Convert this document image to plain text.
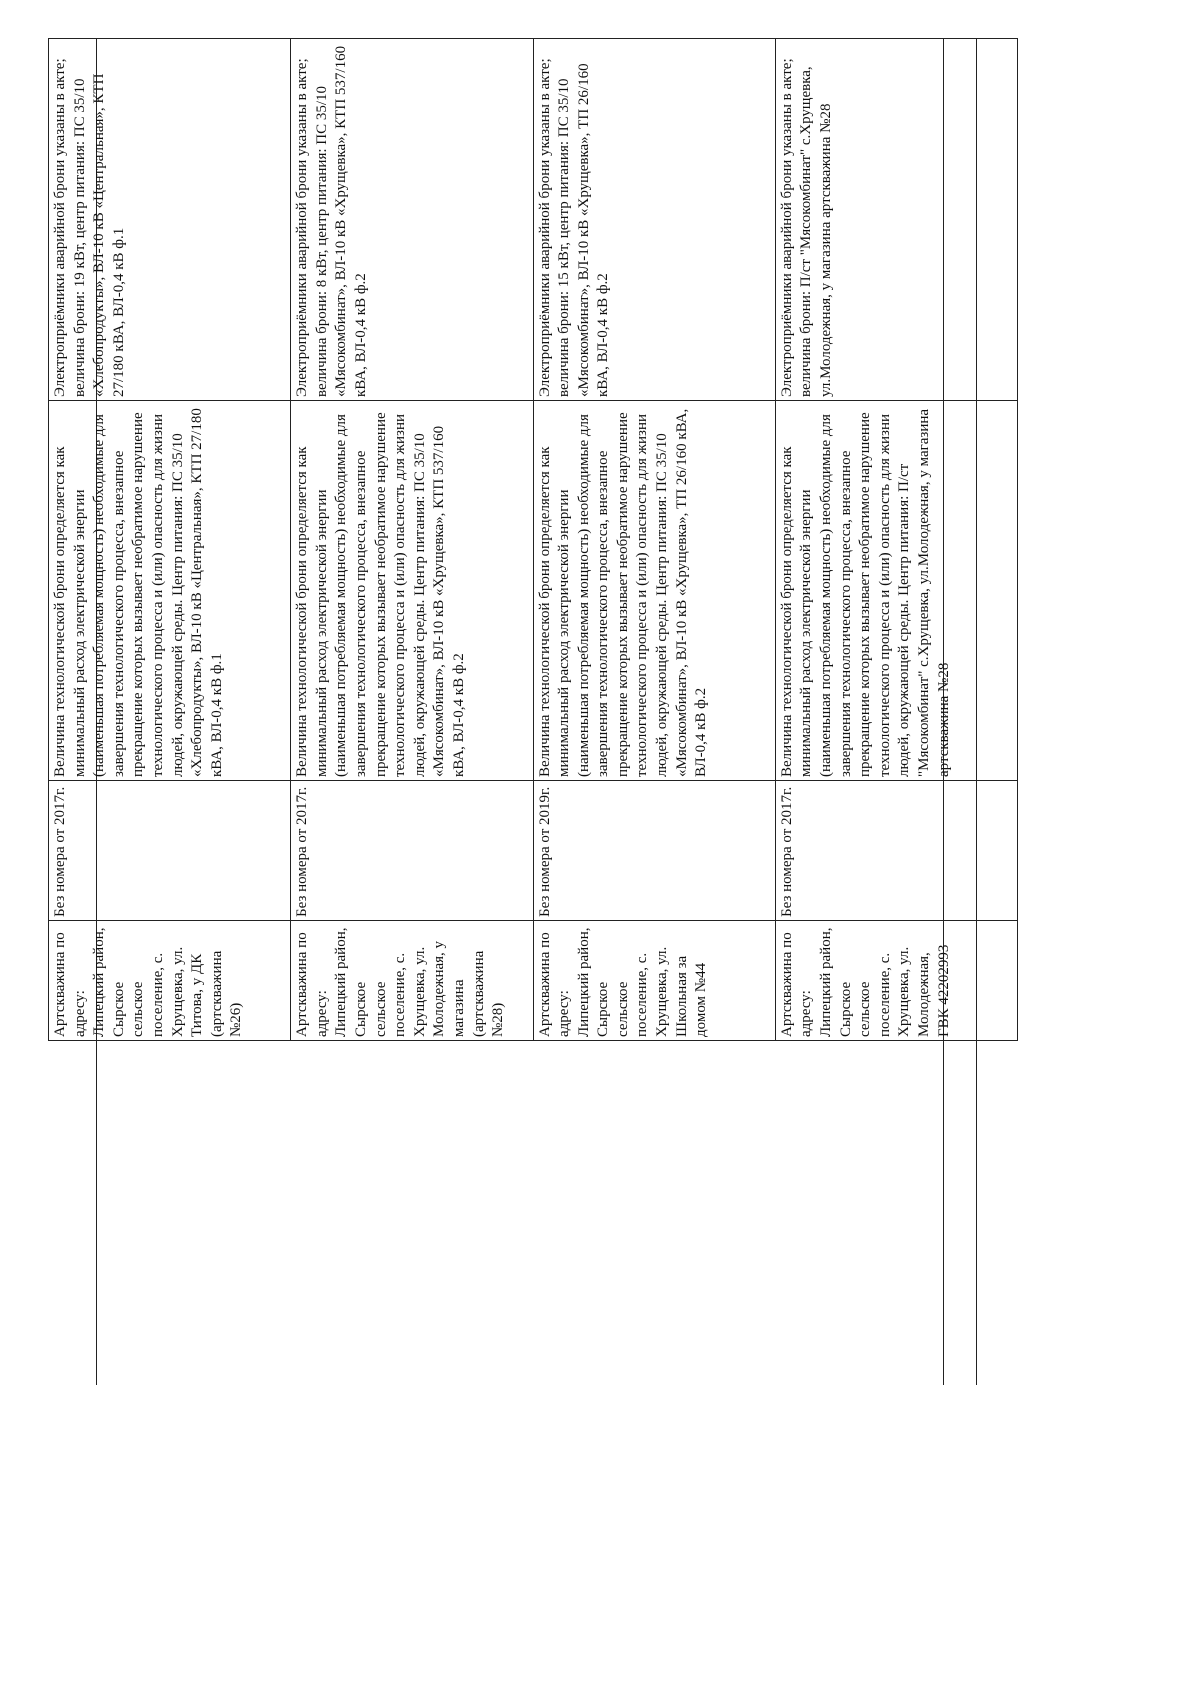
Артскважина по адресу: Липецкий район, Сырское сельское поселение, с. Хрущевка, ул. Титова, у ДК (артскважина №26)	Без номера от 2017г.	Величина технологической брони определяется как минимальный расход электрической энергии (наименьшая потребляемая мощность) необходимые для завершения технологического процесса, внезапное прекращение которых вызывает необратимое нарушение технологического процесса и (или) опасность для жизни людей, окружающей среды. Центр питания: ПС 35/10 «Хлебопродукты», ВЛ-10 кВ «Центральная», КТП 27/180 кВА, ВЛ-0,4 кВ ф.1	Электроприёмники аварийной брони указаны в акте; величина брони: 19 кВт, центр питания: ПС 35/10 «Хлебопродукты», ВЛ-10 кВ «Центральная», КТП 27/180 кВА, ВЛ-0,4 кВ ф.1
Артскважина по адресу: Липецкий район, Сырское сельское поселение, с. Хрущевка, ул. Молодежная, у магазина (артскважина №28)	Без номера от 2017г.	Величина технологической брони определяется как минимальный расход электрической энергии (наименьшая потребляемая мощность) необходимые для завершения технологического процесса, внезапное прекращение которых вызывает необратимое нарушение технологического процесса и (или) опасность для жизни людей, окружающей среды. Центр питания: ПС 35/10 «Мясокомбинат», ВЛ-10 кВ «Хрущевка», КТП 537/160 кВА, ВЛ-0,4 кВ ф.2	Электроприёмники аварийной брони указаны в акте; величина брони: 8 кВт, центр питания: ПС 35/10 «Мясокомбинат», ВЛ-10 кВ «Хрущевка», КТП 537/160 кВА, ВЛ-0,4 кВ ф.2
Артскважина по адресу: Липецкий район, Сырское сельское поселение, с. Хрущевка, ул. Школьная за домом №44	Без номера от 2019г.	Величина технологической брони определяется как минимальный расход электрической энергии (наименьшая потребляемая мощность) необходимые для завершения технологического процесса, внезапное прекращение которых вызывает необратимое нарушение технологического процесса и (или) опасность для жизни людей, окружающей среды. Центр питания: ПС 35/10 «Мясокомбинат», ВЛ-10 кВ «Хрущевка», ТП 26/160 кВА, ВЛ-0,4 кВ ф.2	Электроприёмники аварийной брони указаны в акте; величина брони: 15 кВт, центр питания: ПС 35/10 «Мясокомбинат», ВЛ-10 кВ «Хрущевка», ТП 26/160 кВА, ВЛ-0,4 кВ ф.2
Артскважина по адресу: Липецкий район, Сырское сельское поселение, с. Хрущевка, ул. Молодежная, ГВК 42202993	Без номера от 2017г.	Величина технологической брони определяется как минимальный расход электрической энергии (наименьшая потребляемая мощность) необходимые для завершения технологического процесса, внезапное прекращение которых вызывает необратимое нарушение технологического процесса и (или) опасность для жизни людей, окружающей среды. Центр питания: П/ст "Мясокомбинат" с.Хрущевка, ул.Молодежная, у магазина артскважина №28	Электроприёмники аварийной брони указаны в акте; величина брони: П/ст "Мясокомбинат" с.Хрущевка, ул.Молодежная, у магазина артскважина №28
